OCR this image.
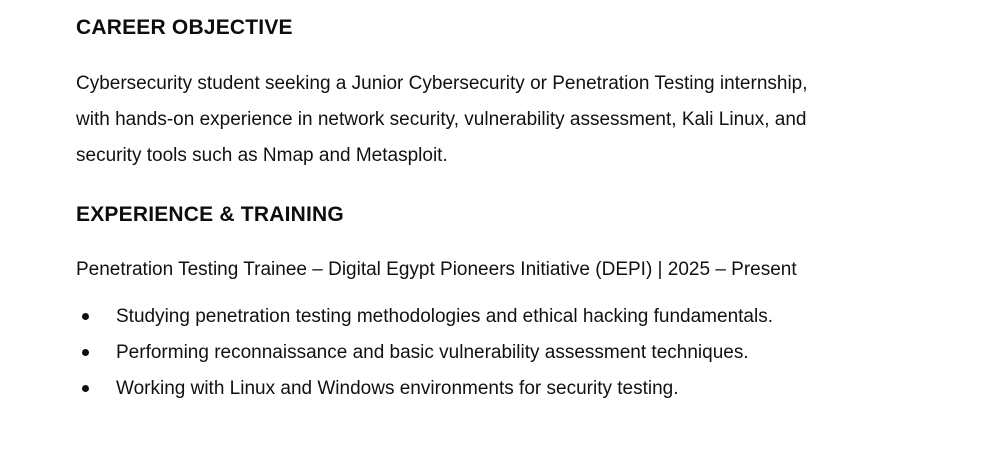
CAREER OBJECTIVE

Cybersecurity student seeking a Junior Cybersecurity or Penetration Testing internship, with hands-on experience in network security, vulnerability assessment, Kali Linux, and security tools such as Nmap and Metasploit.

EXPERIENCE & TRAINING

Penetration Testing Trainee – Digital Egypt Pioneers Initiative (DEPI) | 2025 – Present

Studying penetration testing methodologies and ethical hacking fundamentals.
Performing reconnaissance and basic vulnerability assessment techniques.
Working with Linux and Windows environments for security testing.
